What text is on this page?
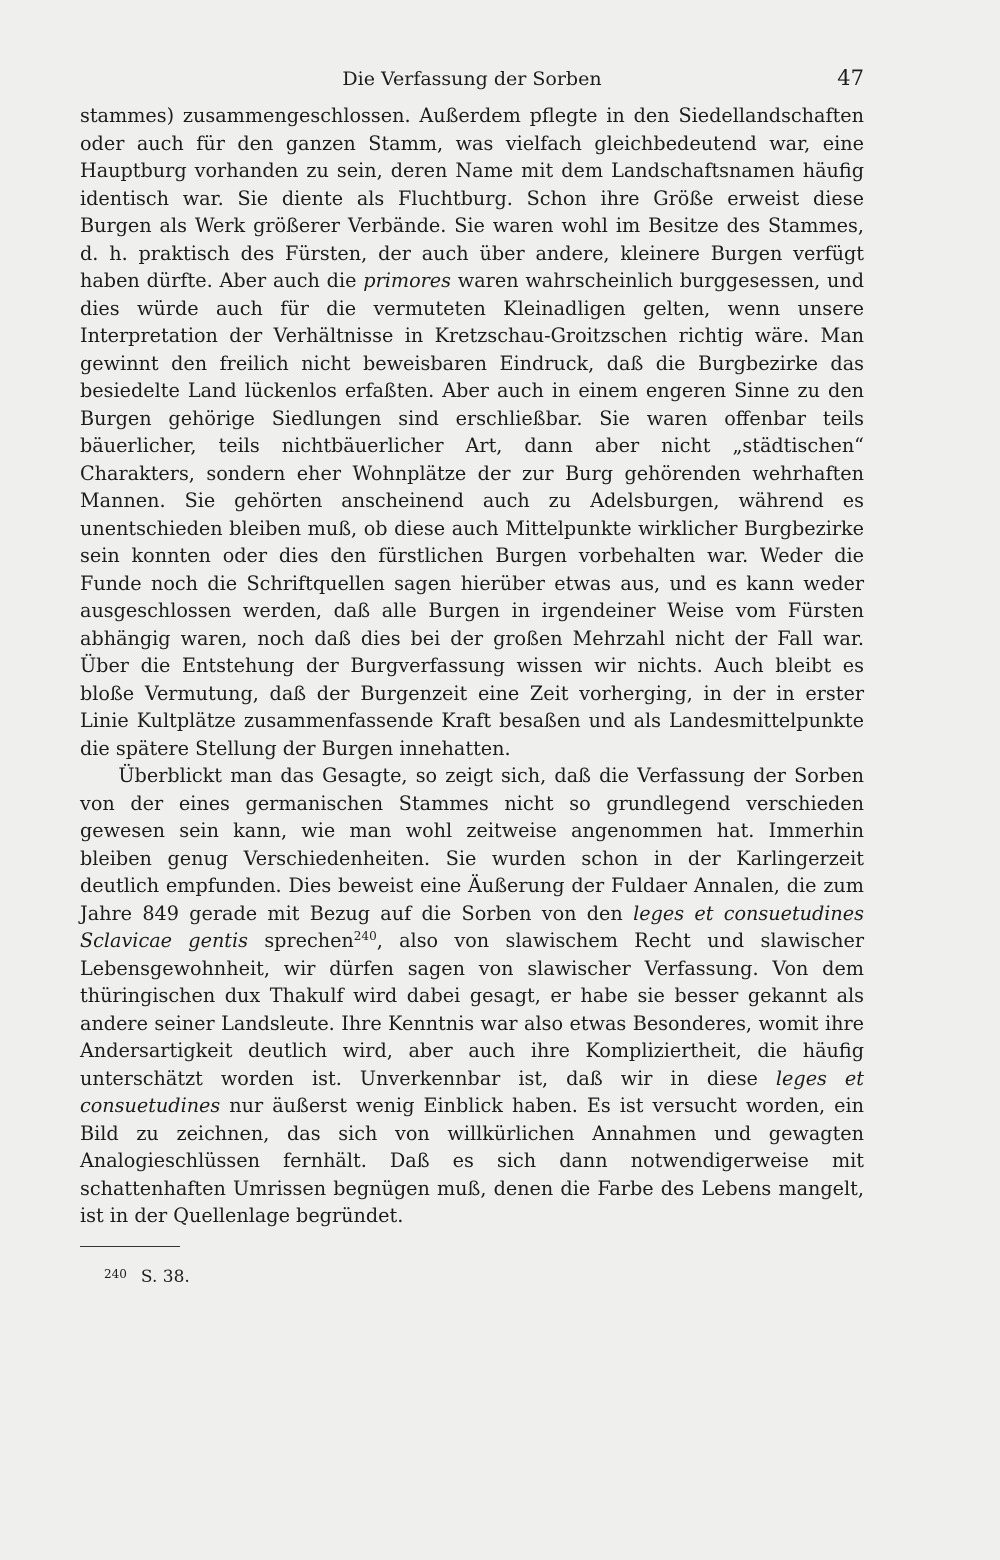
Die Verfassung der Sorben	47

stammes) zusammengeschlossen. Außerdem pflegte in den Siedellandschaften oder auch für den ganzen Stamm, was vielfach gleichbedeutend war, eine Hauptburg vorhanden zu sein, deren Name mit dem Landschaftsnamen häufig identisch war. Sie diente als Fluchtburg. Schon ihre Größe erweist diese Burgen als Werk größerer Verbände. Sie waren wohl im Besitze des Stammes, d. h. praktisch des Fürsten, der auch über andere, kleinere Burgen verfügt haben dürfte. Aber auch die primores waren wahrscheinlich burggesessen, und dies würde auch für die vermuteten Kleinadligen gelten, wenn unsere Interpretation der Verhältnisse in Kretzschau-Groitzschen richtig wäre. Man gewinnt den freilich nicht beweisbaren Eindruck, daß die Burgbezirke das besiedelte Land lückenlos erfaßten. Aber auch in einem engeren Sinne zu den Burgen gehörige Siedlungen sind erschließbar. Sie waren offenbar teils bäuerlicher, teils nichtbäuerlicher Art, dann aber nicht „städtischen“ Charakters, sondern eher Wohnplätze der zur Burg gehörenden wehrhaften Mannen. Sie gehörten anscheinend auch zu Adelsburgen, während es unentschieden bleiben muß, ob diese auch Mittelpunkte wirklicher Burgbezirke sein konnten oder dies den fürstlichen Burgen vorbehalten war. Weder die Funde noch die Schriftquellen sagen hierüber etwas aus, und es kann weder ausgeschlossen werden, daß alle Burgen in irgendeiner Weise vom Fürsten abhängig waren, noch daß dies bei der großen Mehrzahl nicht der Fall war. Über die Entstehung der Burgverfassung wissen wir nichts. Auch bleibt es bloße Vermutung, daß der Burgenzeit eine Zeit vorherging, in der in erster Linie Kultplätze zusammenfassende Kraft besaßen und als Landesmittelpunkte die spätere Stellung der Burgen innehatten.

Überblickt man das Gesagte, so zeigt sich, daß die Verfassung der Sorben von der eines germanischen Stammes nicht so grundlegend verschieden gewesen sein kann, wie man wohl zeitweise angenommen hat. Immerhin bleiben genug Verschiedenheiten. Sie wurden schon in der Karlingerzeit deutlich empfunden. Dies beweist eine Äußerung der Fuldaer Annalen, die zum Jahre 849 gerade mit Bezug auf die Sorben von den leges et consuetudines Sclavicae gentis sprechen$^{240}$, also von slawischem Recht und slawischer Lebensgewohnheit, wir dürfen sagen von slawischer Verfassung. Von dem thüringischen dux Thakulf wird dabei gesagt, er habe sie besser gekannt als andere seiner Landsleute. Ihre Kenntnis war also etwas Besonderes, womit ihre Andersartigkeit deutlich wird, aber auch ihre Kompliziertheit, die häufig unterschätzt worden ist. Unverkennbar ist, daß wir in diese leges et consuetudines nur äußerst wenig Einblick haben. Es ist versucht worden, ein Bild zu zeichnen, das sich von willkürlichen Annahmen und gewagten Analogieschlüssen fernhält. Daß es sich dann notwendigerweise mit schattenhaften Umrissen begnügen muß, denen die Farbe des Lebens mangelt, ist in der Quellenlage begründet.

240 S. 38.
